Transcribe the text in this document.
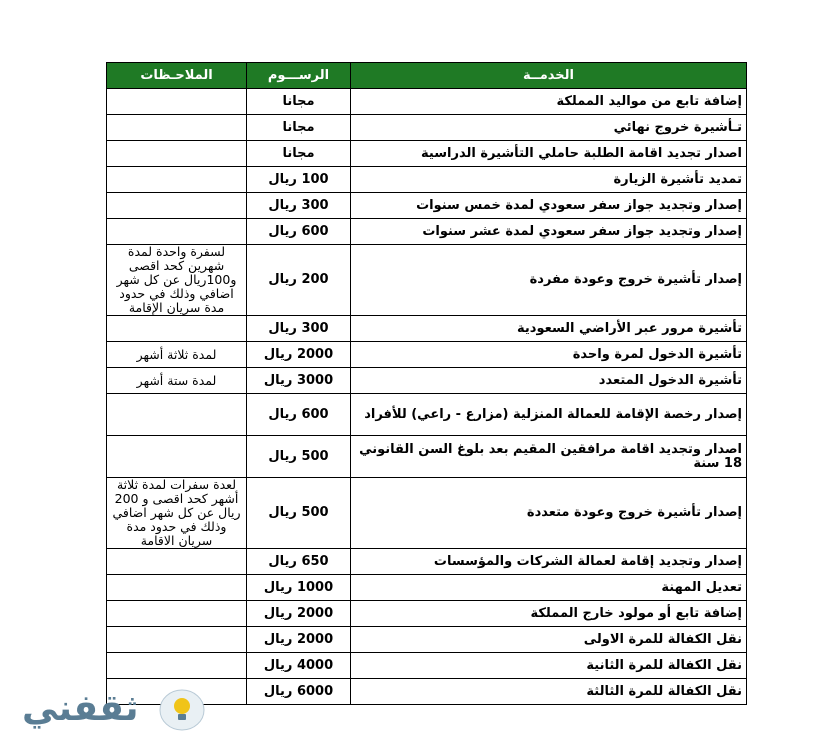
الخدمــة	الرســـوم	الملاحـظات
إضافة تابع من مواليد المملكة	مجانا	
تـأشيرة خروج نهائي	مجانا	
اصدار تجديد اقامة الطلبة حاملي التأشيرة الدراسية	مجانا	
تمديد تأشيرة الزيارة	100 ريال	
إصدار وتجديد جواز سفر سعودي لمدة خمس سنوات	300 ريال	
إصدار وتجديد جواز سفر سعودي لمدة عشر سنوات	600 ريال	
إصدار تأشيرة خروج وعودة مفردة	200 ريال	لسفرة واحدة لمدة شهرين كحد اقصى و100ريال عن كل شهر اضافي وذلك في حدود مدة سريان الإقامة
تأشيرة مرور عبر الأراضي السعودية	300 ريال	
تأشيرة الدخول لمرة واحدة	2000 ريال	لمدة ثلاثة أشهر
تأشيرة الدخول المتعدد	3000 ريال	لمدة ستة أشهر
إصدار رخصة الإقامة للعمالة المنزلية (مزارع - راعي) للأفراد	600 ريال	
اصدار وتجديد اقامة مرافقين المقيم بعد بلوغ السن القانوني 18 سنة	500 ريال	
إصدار تأشيرة خروج وعودة متعددة	500 ريال	لعدة سفرات لمدة ثلاثة أشهر كحد اقصى و 200 ريال عن كل شهر اضافي وذلك في حدود مدة سريان الاقامة
إصدار وتجديد إقامة لعمالة الشركات والمؤسسات	650 ريال	
تعديل المهنة	1000 ريال	
إضافة تابع أو مولود خارج المملكة	2000 ريال	
نقل الكفالة للمرة الاولى	2000 ريال	
نقل الكفالة للمرة الثانية	4000 ريال	
نقل الكفالة للمرة الثالثة	6000 ريال	
ثقفني
